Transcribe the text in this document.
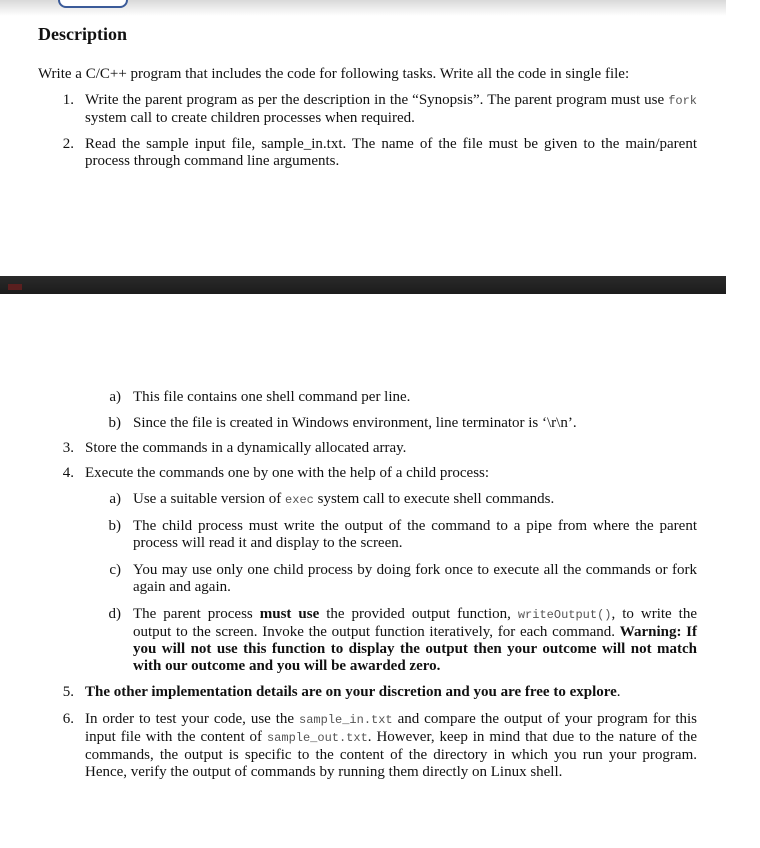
Description
Write a C/C++ program that includes the code for following tasks. Write all the code in single file:
1. Write the parent program as per the description in the “Synopsis”. The parent program must use fork system call to create children processes when required.
2. Read the sample input file, sample_in.txt. The name of the file must be given to the main/parent process through command line arguments.
a) This file contains one shell command per line.
b) Since the file is created in Windows environment, line terminator is ‘\r\n’.
3. Store the commands in a dynamically allocated array.
4. Execute the commands one by one with the help of a child process:
a) Use a suitable version of exec system call to execute shell commands.
b) The child process must write the output of the command to a pipe from where the parent process will read it and display to the screen.
c) You may use only one child process by doing fork once to execute all the commands or fork again and again.
d) The parent process must use the provided output function, writeOutput(), to write the output to the screen. Invoke the output function iteratively, for each command. Warning: If you will not use this function to display the output then your outcome will not match with our outcome and you will be awarded zero.
5. The other implementation details are on your discretion and you are free to explore.
6. In order to test your code, use the sample_in.txt and compare the output of your program for this input file with the content of sample_out.txt. However, keep in mind that due to the nature of the commands, the output is specific to the content of the directory in which you run your program. Hence, verify the output of commands by running them directly on Linux shell.
